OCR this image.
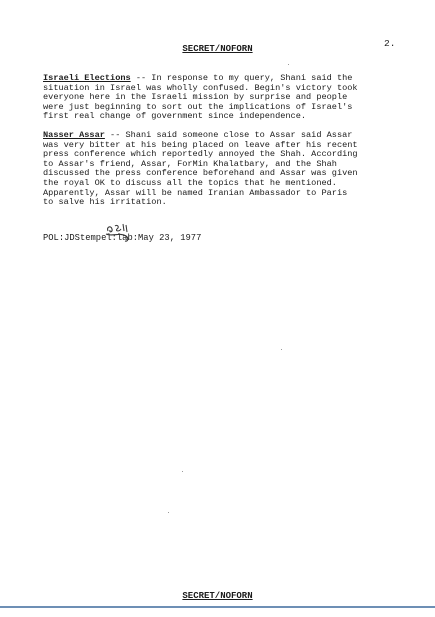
SECRET/NOFORN	2.
Israeli Elections -- In response to my query, Shani said the
situation in Israel was wholly confused. Begin's victory took
everyone here in the Israeli mission by surprise and people
were just beginning to sort out the implications of Israel's
first real change of government since independence.
Nasser Assar -- Shani said someone close to Assar said Assar
was very bitter at his being placed on leave after his recent
press conference which reportedly annoyed the Shah. According
to Assar's friend, Assar, ForMin Khalatbary, and the Shah
discussed the press conference beforehand and Assar was given
the royal OK to discuss all the topics that he mentioned.
Apparently, Assar will be named Iranian Ambassador to Paris
to salve his irritation.
POL:JDStempel:lab:May 23, 1977
SECRET/NOFORN
